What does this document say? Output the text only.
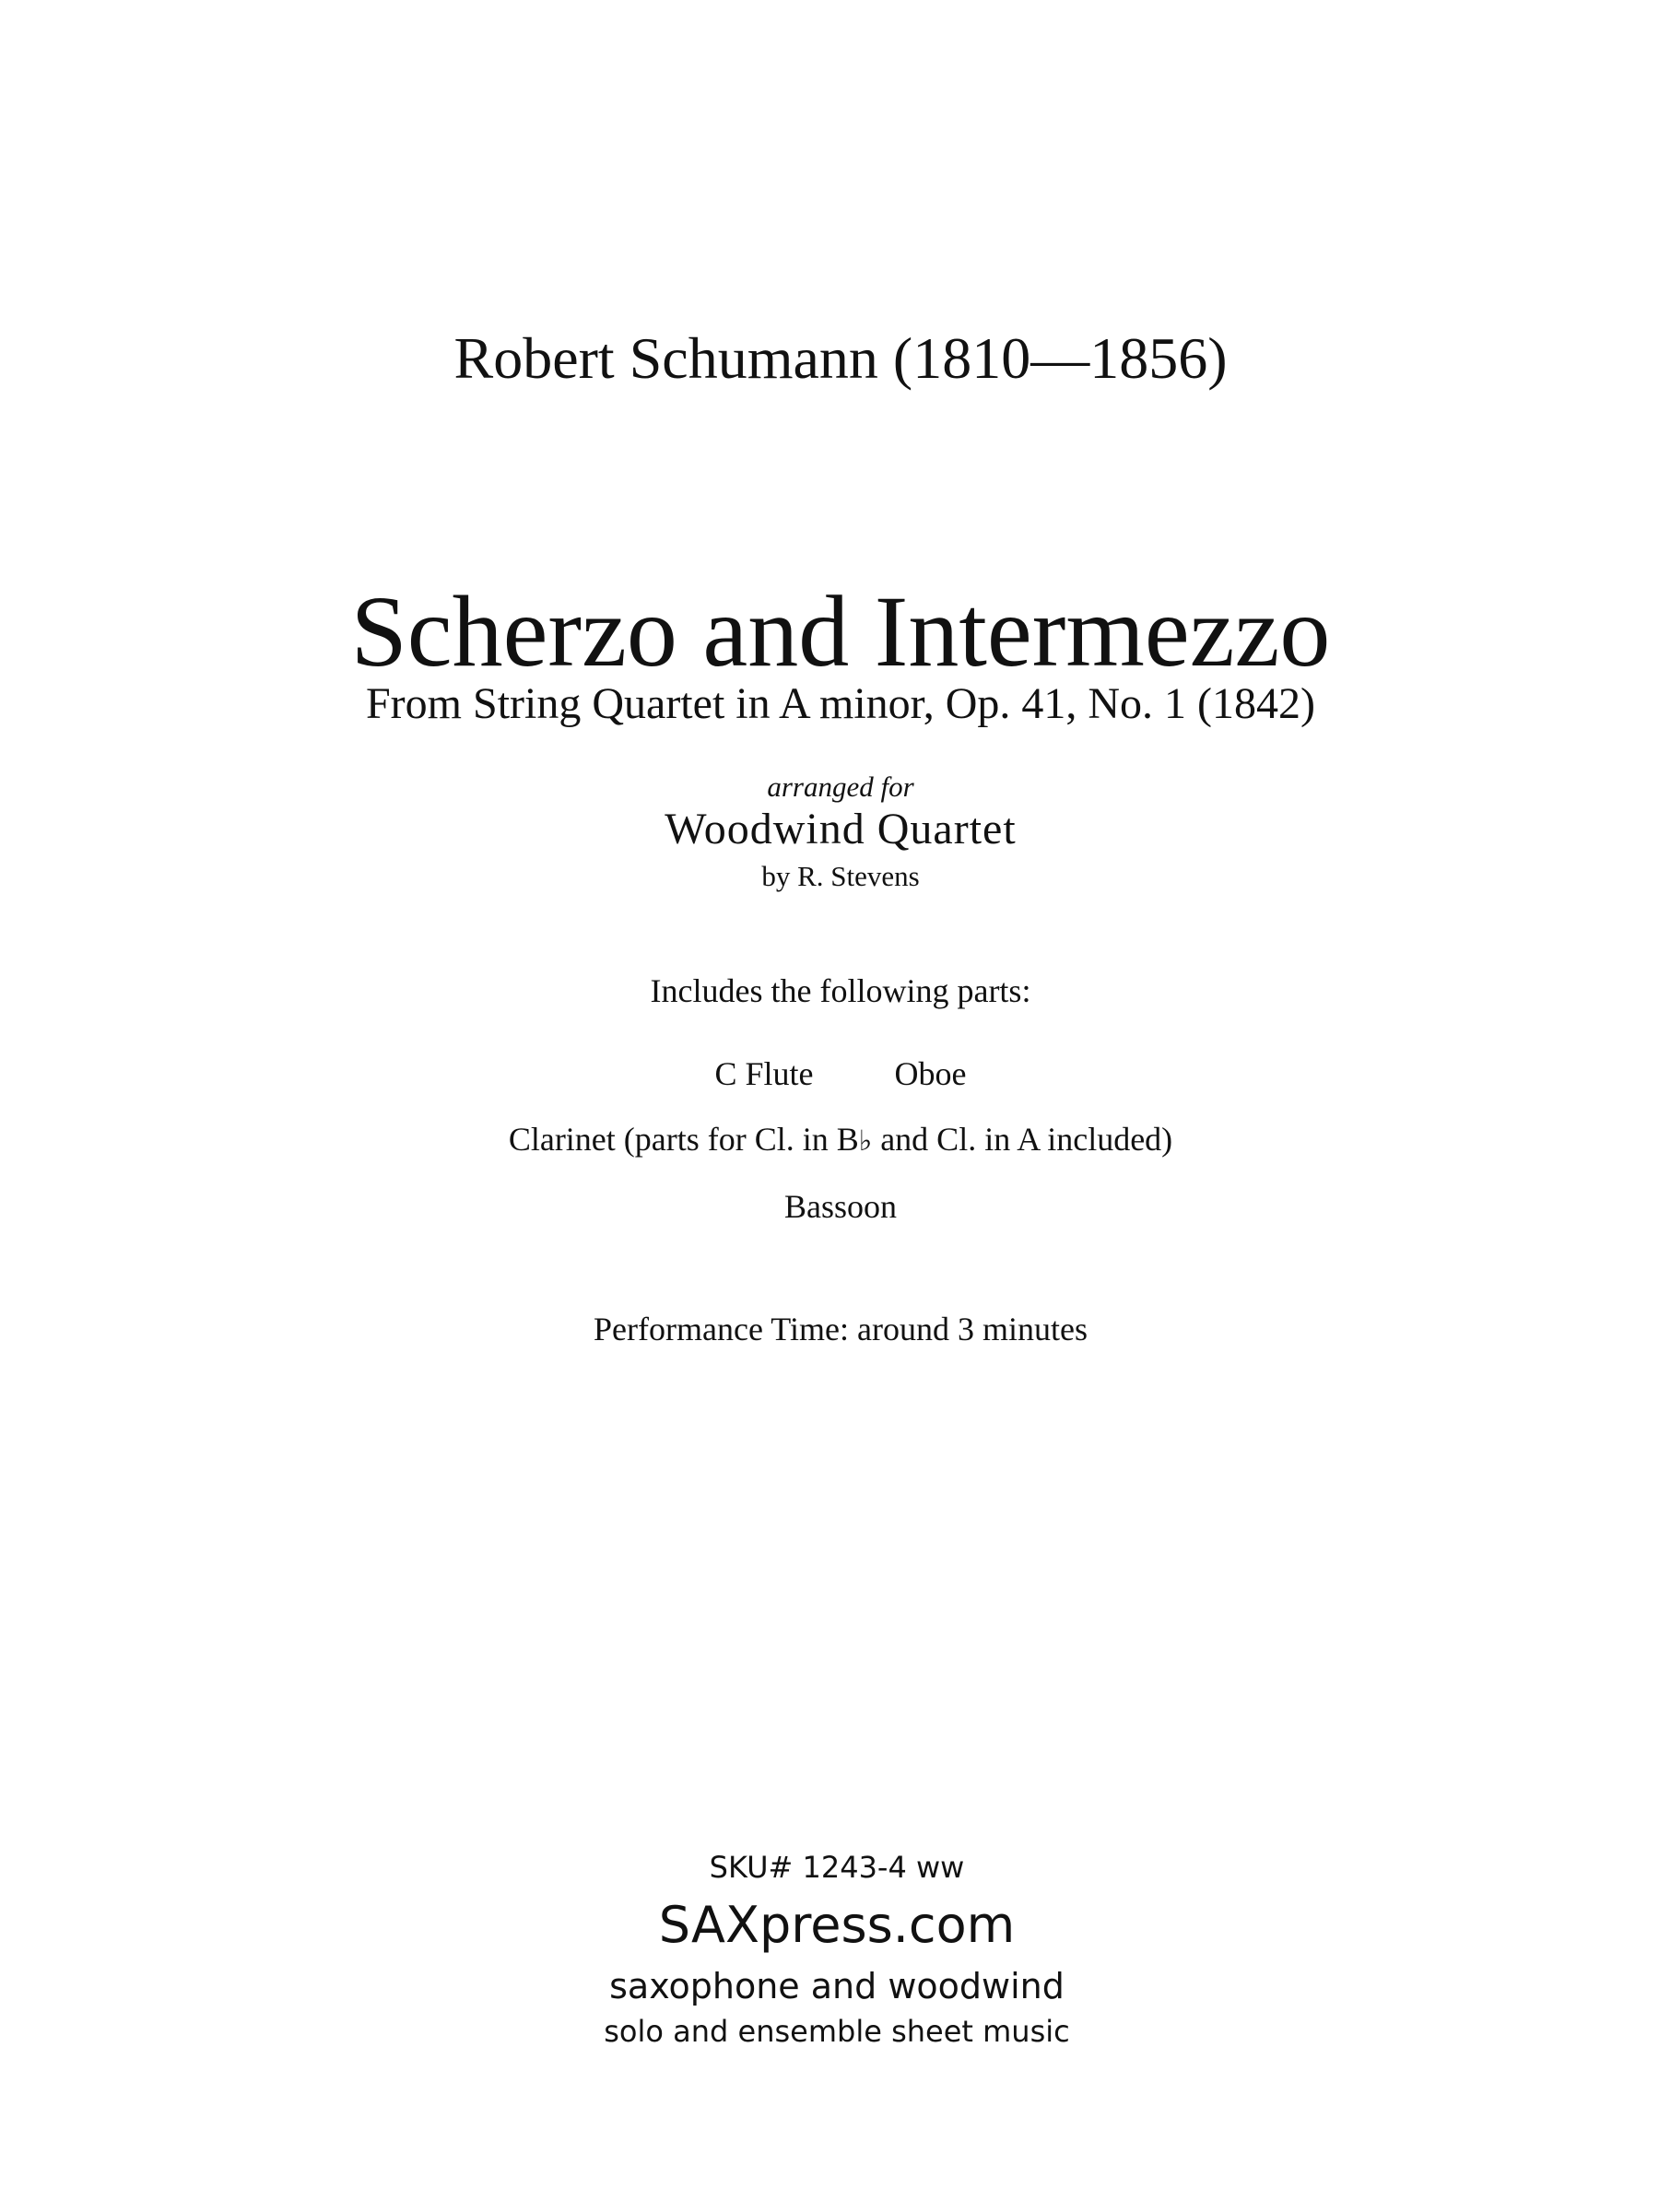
Robert Schumann (1810—1856)
Scherzo and Intermezzo
From String Quartet in A minor, Op. 41, No. 1 (1842)
arranged for
Woodwind Quartet
by R. Stevens
Includes the following parts:
C Flute Oboe
Clarinet (parts for Cl. in B♭ and Cl. in A included)
Bassoon
Performance Time: around 3 minutes
SKU# 1243-4 ww
SAXpress.com
saxophone and woodwind
solo and ensemble sheet music
